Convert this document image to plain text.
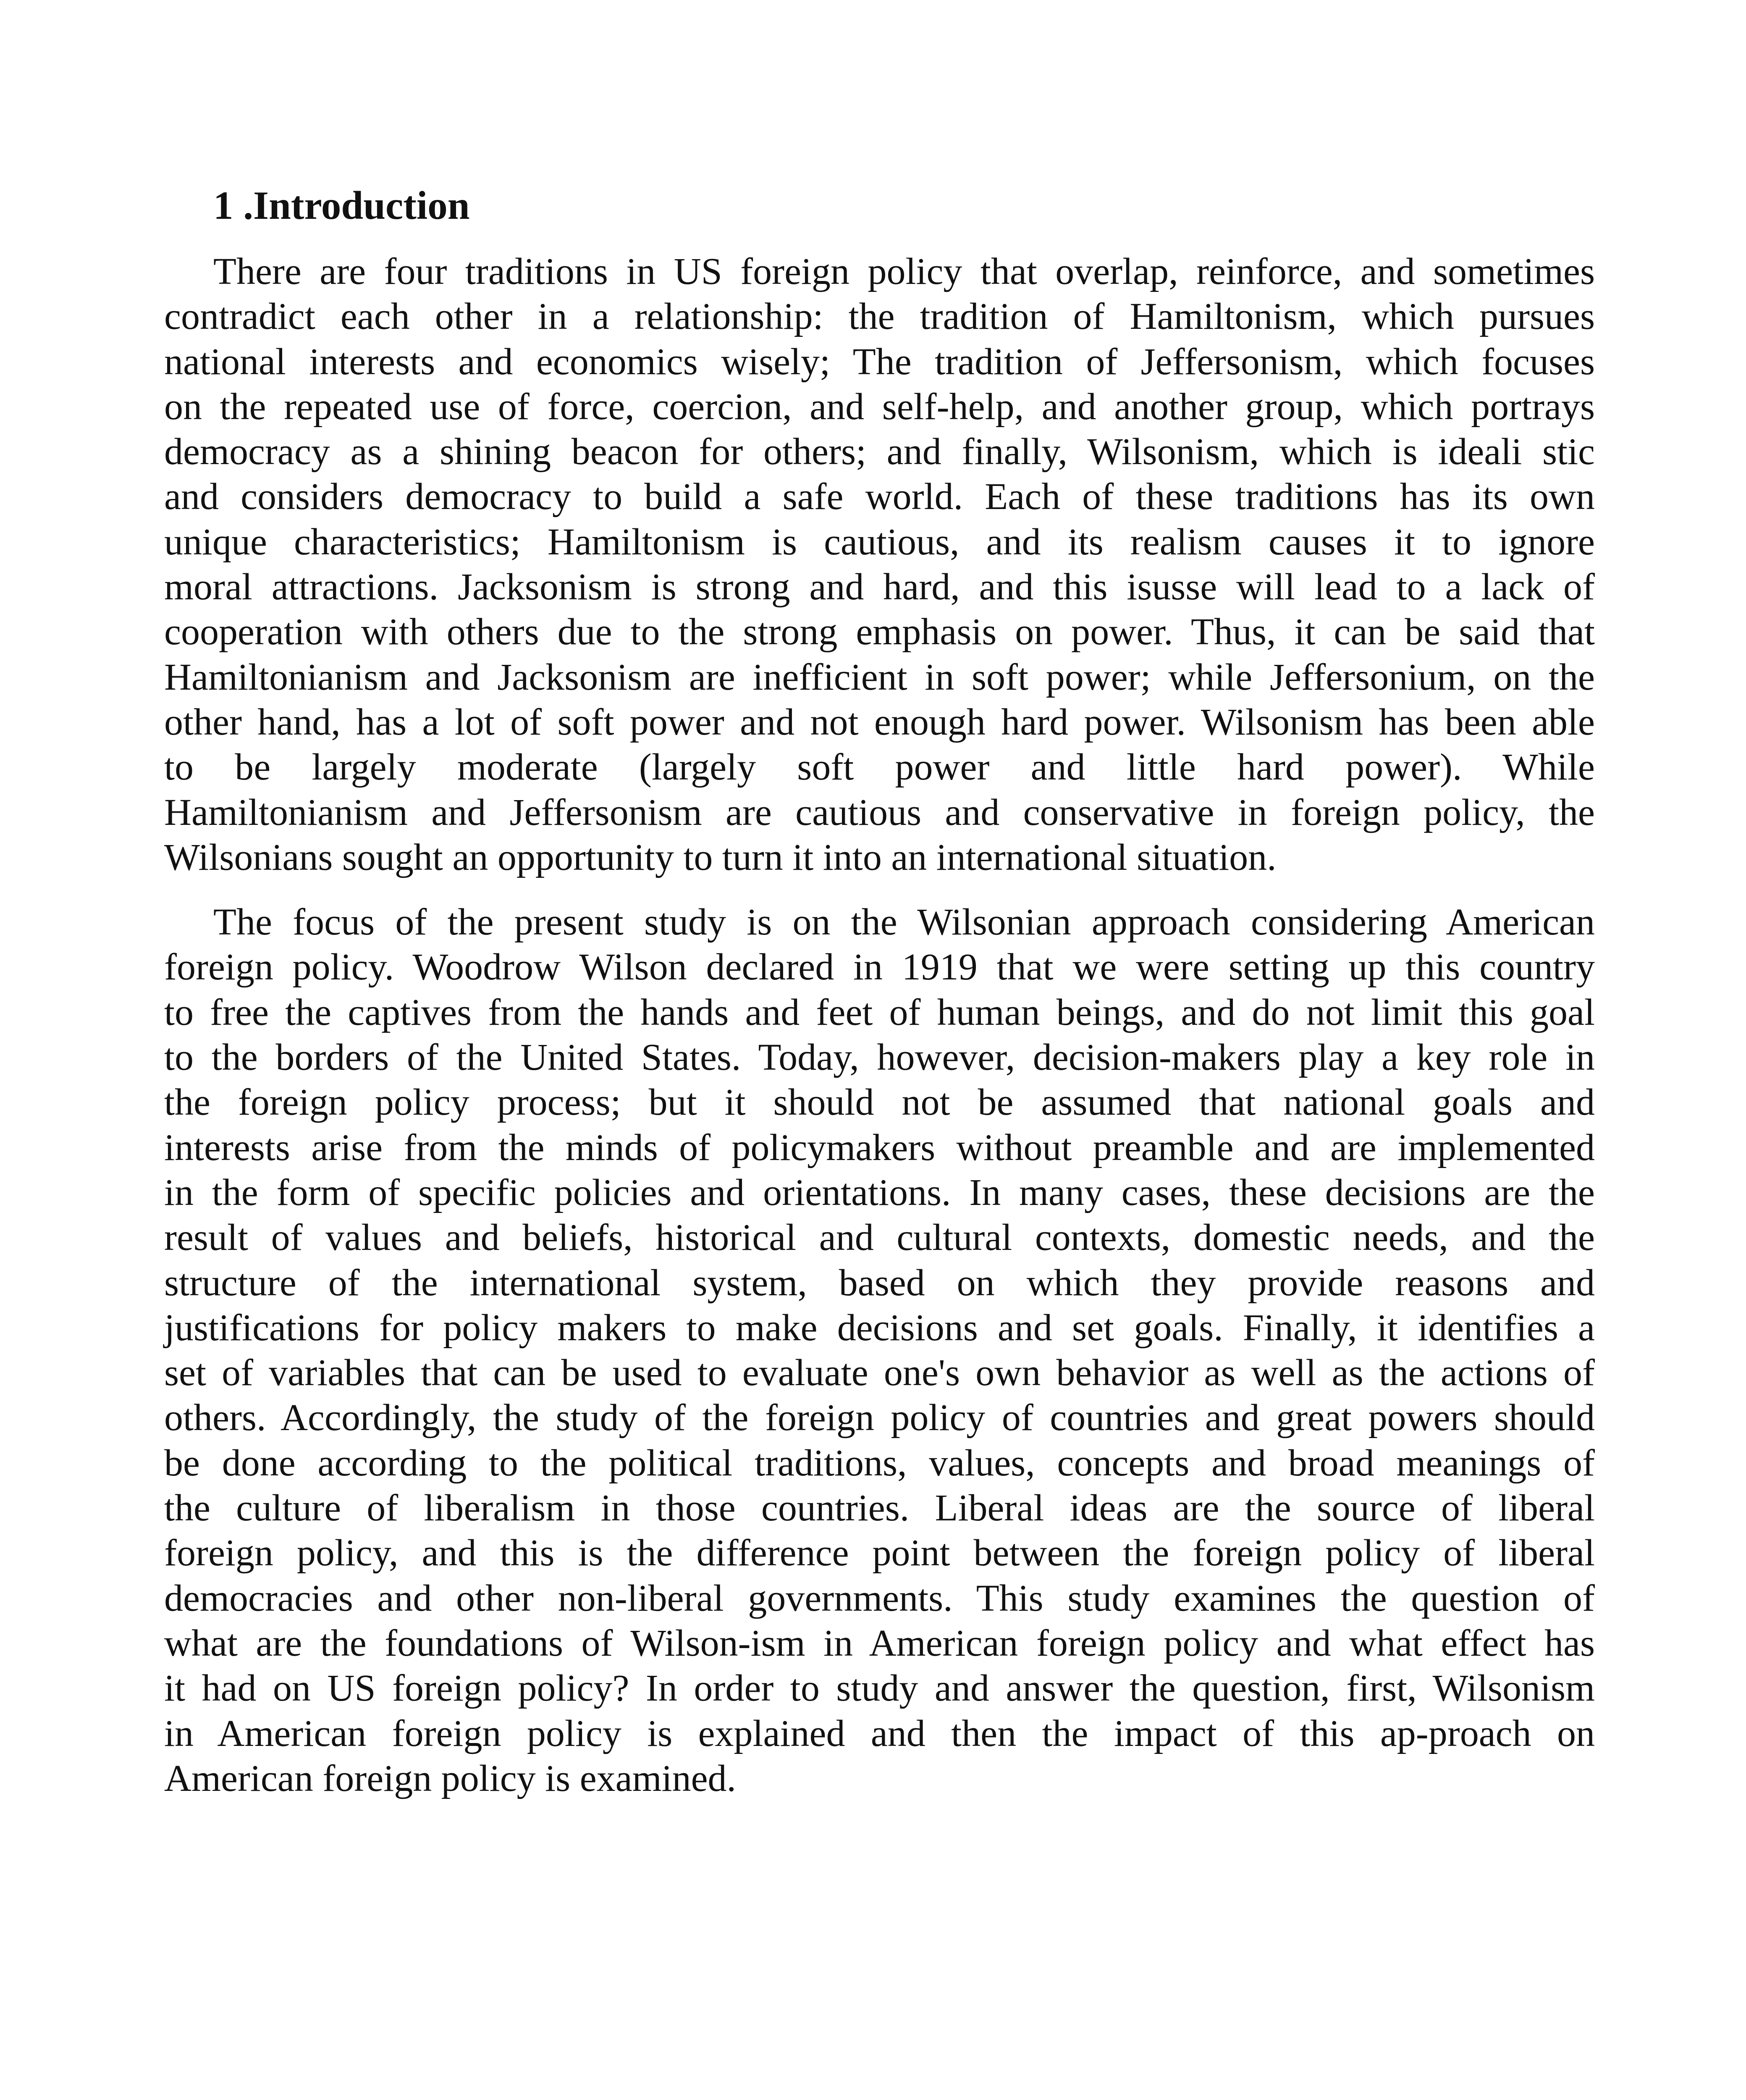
1 .Introduction
There are four traditions in US foreign policy that overlap, reinforce, and sometimes
contradict each other in a relationship: the tradition of Hamiltonism, which pursues
national interests and economics wisely; The tradition of Jeffersonism, which focuses
on the repeated use of force, coercion, and self-help, and another group, which portrays
democracy as a shining beacon for others; and finally, Wilsonism, which is ideali stic
and considers democracy to build a safe world. Each of these traditions has its own
unique characteristics; Hamiltonism is cautious, and its realism causes it to ignore
moral attractions. Jacksonism is strong and hard, and this isusse will lead to a lack of
cooperation with others due to the strong emphasis on power. Thus, it can be said that
Hamiltonianism and Jacksonism are inefficient in soft power; while Jeffersonium, on the
other hand, has a lot of soft power and not enough hard power. Wilsonism has been able
to be largely moderate (largely soft power and little hard power). While
Hamiltonianism and Jeffersonism are cautious and conservative in foreign policy, the
Wilsonians sought an opportunity to turn it into an international situation.
The focus of the present study is on the Wilsonian approach considering American
foreign policy. Woodrow Wilson declared in 1919 that we were setting up this country
to free the captives from the hands and feet of human beings, and do not limit this goal
to the borders of the United States. Today, however, decision-makers play a key role in
the foreign policy process; but it should not be assumed that national goals and
interests arise from the minds of policymakers without preamble and are implemented
in the form of specific policies and orientations. In many cases, these decisions are the
result of values and beliefs, historical and cultural contexts, domestic needs, and the
structure of the international system, based on which they provide reasons and
justifications for policy makers to make decisions and set goals. Finally, it identifies a
set of variables that can be used to evaluate one's own behavior as well as the actions of
others. Accordingly, the study of the foreign policy of countries and great powers should
be done according to the political traditions, values, concepts and broad meanings of
the culture of liberalism in those countries. Liberal ideas are the source of liberal
foreign policy, and this is the difference point between the foreign policy of liberal
democracies and other non-liberal governments. This study examines the question of
what are the foundations of Wilson-ism in American foreign policy and what effect has
it had on US foreign policy? In order to study and answer the question, first, Wilsonism
in American foreign policy is explained and then the impact of this ap-proach on
American foreign policy is examined.
